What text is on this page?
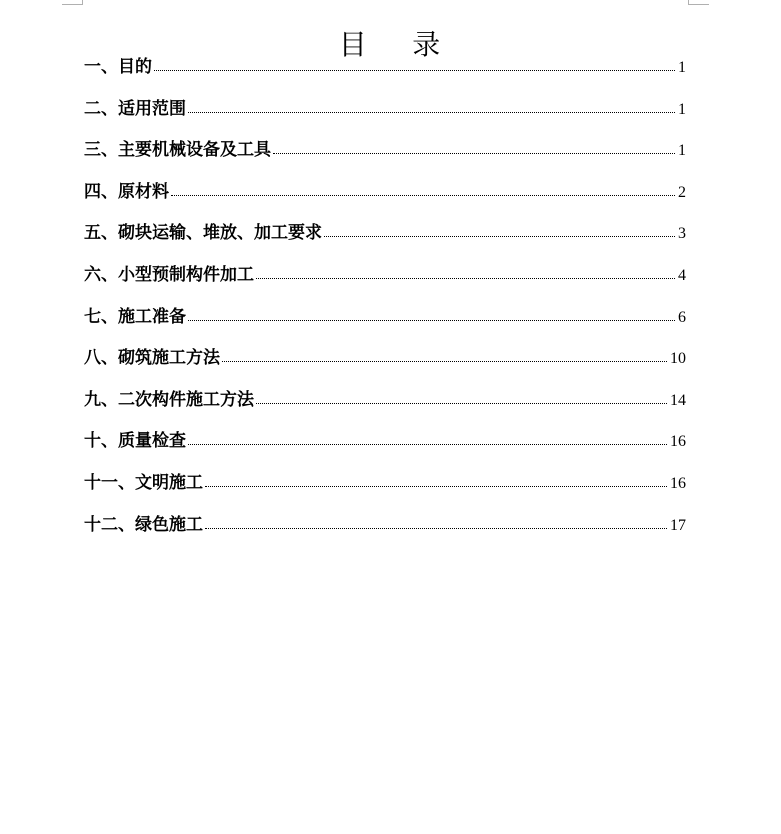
目    录
一、目的	1
二、适用范围	1
三、主要机械设备及工具	1
四、原材料	2
五、砌块运输、堆放、加工要求	3
六、小型预制构件加工	4
七、施工准备	6
八、砌筑施工方法	10
九、二次构件施工方法	14
十、质量检查	16
十一、文明施工	16
十二、绿色施工	17
